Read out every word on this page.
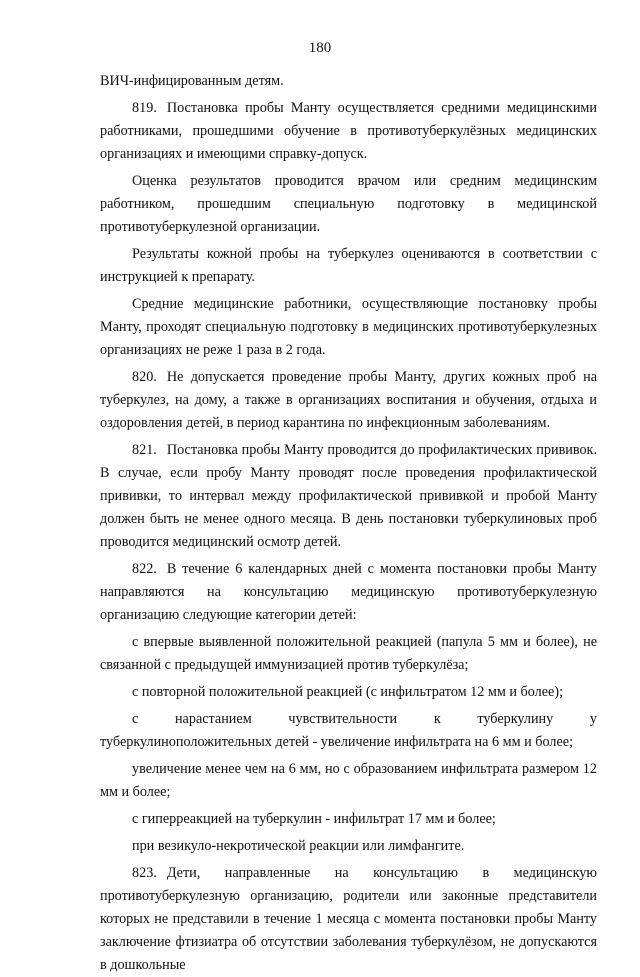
180

ВИЧ-инфицированным детям.

819. Постановка пробы Манту осуществляется средними медицинскими работниками, прошедшими обучение в противотуберкулёзных медицинских организациях и имеющими справку-допуск.

Оценка результатов проводится врачом или средним медицинским работником, прошедшим специальную подготовку в медицинской противотуберкулезной организации.

Результаты кожной пробы на туберкулез оцениваются в соответствии с инструкцией к препарату.

Средние медицинские работники, осуществляющие постановку пробы Манту, проходят специальную подготовку в медицинских противотуберкулезных организациях не реже 1 раза в 2 года.

820. Не допускается проведение пробы Манту, других кожных проб на туберкулез, на дому, а также в организациях воспитания и обучения, отдыха и оздоровления детей, в период карантина по инфекционным заболеваниям.

821. Постановка пробы Манту проводится до профилактических прививок. В случае, если пробу Манту проводят после проведения профилактической прививки, то интервал между профилактической прививкой и пробой Манту должен быть не менее одного месяца. В день постановки туберкулиновых проб проводится медицинский осмотр детей.

822. В течение 6 календарных дней с момента постановки пробы Манту направляются на консультацию медицинскую противотуберкулезную организацию следующие категории детей:

с впервые выявленной положительной реакцией (папула 5 мм и более), не связанной с предыдущей иммунизацией против туберкулёза;

с повторной положительной реакцией (с инфильтратом 12 мм и более);

с нарастанием чувствительности к туберкулину у туберкулиноположительных детей - увеличение инфильтрата на 6 мм и более;

увеличение менее чем на 6 мм, но с образованием инфильтрата размером 12 мм и более;

с гиперреакцией на туберкулин - инфильтрат 17 мм и более;

при везикуло-некротической реакции или лимфангите.

823. Дети, направленные на консультацию в медицинскую противотуберкулезную организацию, родители или законные представители которых не представили в течение 1 месяца с момента постановки пробы Манту заключение фтизиатра об отсутствии заболевания туберкулёзом, не допускаются в дошкольные
